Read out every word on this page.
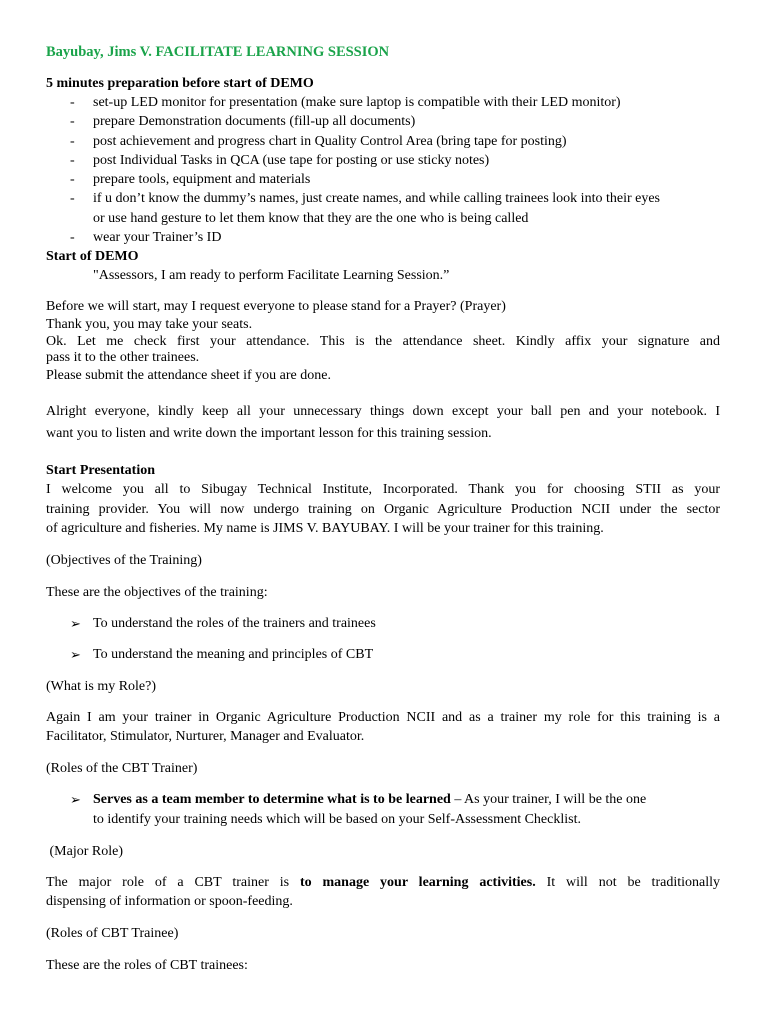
Bayubay, Jims V. FACILITATE LEARNING SESSION
5 minutes preparation before start of DEMO
- set-up LED monitor for presentation (make sure laptop is compatible with their LED monitor)
- prepare Demonstration documents (fill-up all documents)
- post achievement and progress chart in Quality Control Area (bring tape for posting)
- post Individual Tasks in QCA (use tape for posting or use sticky notes)
- prepare tools, equipment and materials
- if u don’t know the dummy’s names, just create names, and while calling trainees look into their eyes
or use hand gesture to let them know that they are the one who is being called
- wear your Trainer’s ID
Start of DEMO
"Assessors, I am ready to perform Facilitate Learning Session.”
Before we will start, may I request everyone to please stand for a Prayer? (Prayer)
Thank you, you may take your seats.
Ok. Let me check first your attendance. This is the attendance sheet. Kindly affix your signature and
pass it to the other trainees.
Please submit the attendance sheet if you are done.
Alright everyone, kindly keep all your unnecessary things down except your ball pen and your notebook. I
want you to listen and write down the important lesson for this training session.
Start Presentation
I welcome you all to Sibugay Technical Institute, Incorporated. Thank you for choosing STII as your
training provider. You will now undergo training on Organic Agriculture Production NCII under the sector
of agriculture and fisheries. My name is JIMS V. BAYUBAY. I will be your trainer for this training.
(Objectives of the Training)
These are the objectives of the training:
➢ To understand the roles of the trainers and trainees
➢ To understand the meaning and principles of CBT
(What is my Role?)
Again I am your trainer in Organic Agriculture Production NCII and as a trainer my role for this training is a
Facilitator, Stimulator, Nurturer, Manager and Evaluator.
(Roles of the CBT Trainer)
➢ Serves as a team member to determine what is to be learned – As your trainer, I will be the one
to identify your training needs which will be based on your Self-Assessment Checklist.
(Major Role)
The major role of a CBT trainer is to manage your learning activities. It will not be traditionally
dispensing of information or spoon-feeding.
(Roles of CBT Trainee)
These are the roles of CBT trainees:
